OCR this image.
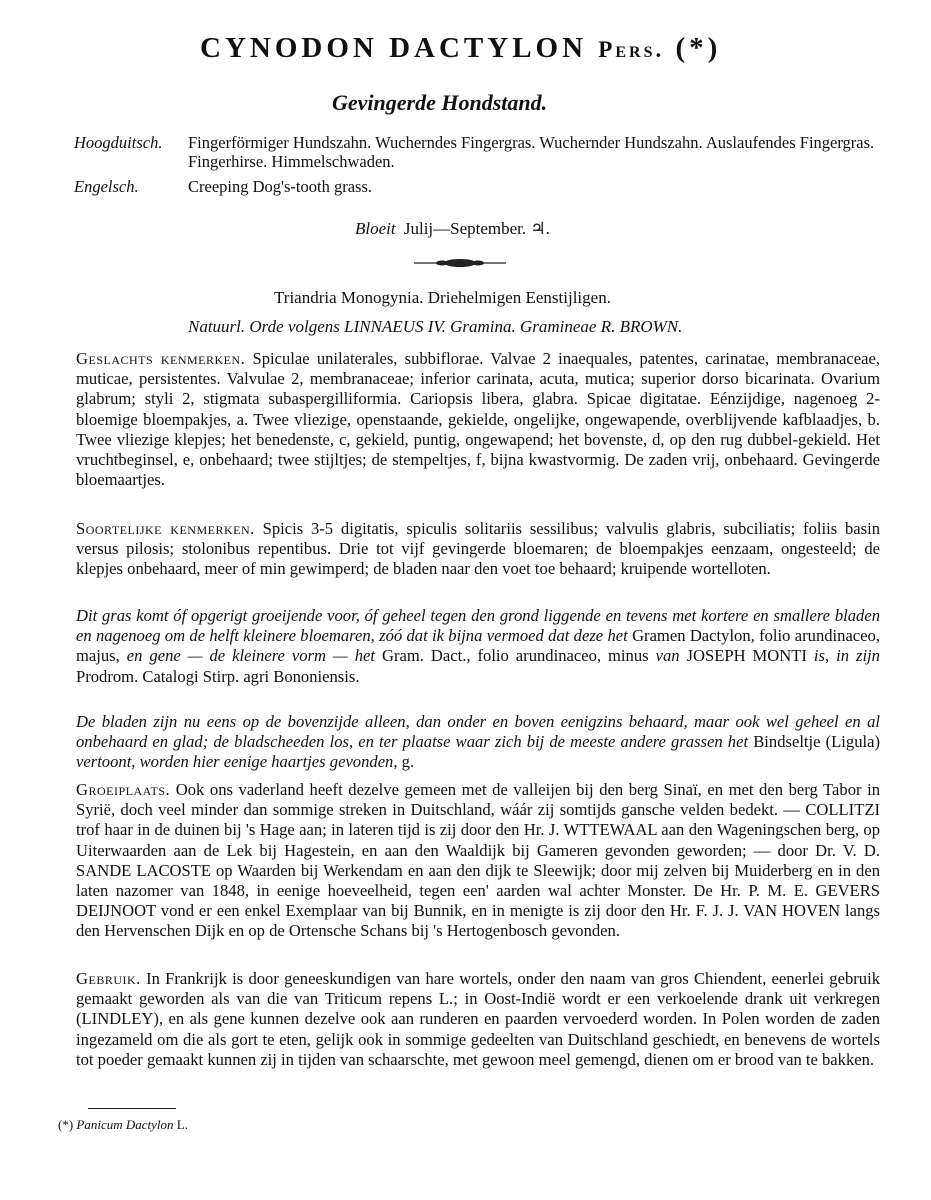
CYNODON DACTYLON Pers. (*)
Gevingerde Hondstand.
Hoogduitsch.	Fingerförmiger Hundszahn. Wucherndes Fingergras. Wuchernder Hundszahn. Auslaufendes Fingergras. Fingerhirse. Himmelschwaden.
Engelsch.	Creeping Dog's-tooth grass.
Bloeit Julij—September. ♃.
Triandria Monogynia. Driehelmigen Eenstijligen.
Natuurl. Orde volgens LINNAEUS IV. Gramina. Gramineae R. BROWN.
Geslachts kenmerken. Spiculae unilaterales, subbiflorae. Valvae 2 inaequales, patentes, carinatae, membranaceae, muticae, persistentes. Valvulae 2, membranaceae; inferior carinata, acuta, mutica; superior dorso bicarinata. Ovarium glabrum; styli 2, stigmata subaspergilliformia. Cariopsis libera, glabra. Spicae digitatae. Eénzijdige, nagenoeg 2-bloemige bloempakjes, a. Twee vliezige, openstaande, gekielde, ongelijke, ongewapende, overblijvende kafblaadjes, b. Twee vliezige klepjes; het benedenste, c, gekield, puntig, ongewapend; het bovenste, d, op den rug dubbel-gekield. Het vruchtbeginsel, e, onbehaard; twee stijltjes; de stempeltjes, f, bijna kwastvormig. De zaden vrij, onbehaard. Gevingerde bloemaartjes.
Soortelijke kenmerken. Spicis 3-5 digitatis, spiculis solitariis sessilibus; valvulis glabris, subciliatis; foliis basin versus pilosis; stolonibus repentibus. Drie tot vijf gevingerde bloemaren; de bloempakjes eenzaam, ongesteeld; de klepjes onbehaard, meer of min gewimperd; de bladen naar den voet toe behaard; kruipende wortelloten.
Dit gras komt óf opgerigt groeijende voor, óf geheel tegen den grond liggende en tevens met kortere en smallere bladen en nagenoeg om de helft kleinere bloemaren, zóó dat ik bijna vermoed dat deze het Gramen Dactylon, folio arundinaceo, majus, en gene — de kleinere vorm — het Gram. Dact., folio arundinaceo, minus van JOSEPH MONTI is, in zijn Prodrom. Catalogi Stirp. agri Bononiensis.
De bladen zijn nu eens op de bovenzijde alleen, dan onder en boven eenigzins behaard, maar ook wel geheel en al onbehaard en glad; de bladscheeden los, en ter plaatse waar zich bij de meeste andere grassen het Bindseltje (Ligula) vertoont, worden hier eenige haartjes gevonden, g.
Groeiplaats. Ook ons vaderland heeft dezelve gemeen met de valleijen bij den berg Sinaï, en met den berg Tabor in Syrië, doch veel minder dan sommige streken in Duitschland, wáár zij somtijds gansche velden bedekt. — COLLITZI trof haar in de duinen bij 's Hage aan; in lateren tijd is zij door den Hr. J. WTTEWAAL aan den Wageningschen berg, op Uiterwaarden aan de Lek bij Hagestein, en aan den Waaldijk bij Gameren gevonden geworden; — door Dr. V. D. SANDE LACOSTE op Waarden bij Werkendam en aan den dijk te Sleewijk; door mij zelven bij Muiderberg en in den laten nazomer van 1848, in eenige hoeveelheid, tegen een' aarden wal achter Monster. De Hr. P. M. E. GEVERS DEIJNOOT vond er een enkel Exemplaar van bij Bunnik, en in menigte is zij door den Hr. F. J. J. VAN HOVEN langs den Hervenschen Dijk en op de Ortensche Schans bij 's Hertogenbosch gevonden.
Gebruik. In Frankrijk is door geneeskundigen van hare wortels, onder den naam van gros Chiendent, eenerlei gebruik gemaakt geworden als van die van Triticum repens L.; in Oost-Indië wordt er een verkoelende drank uit verkregen (LINDLEY), en als gene kunnen dezelve ook aan runderen en paarden vervoederd worden. In Polen worden de zaden ingezameld om die als gort te eten, gelijk ook in sommige gedeelten van Duitschland geschiedt, en benevens de wortels tot poeder gemaakt kunnen zij in tijden van schaarschte, met gewoon meel gemengd, dienen om er brood van te bakken.
(*) Panicum Dactylon L.
